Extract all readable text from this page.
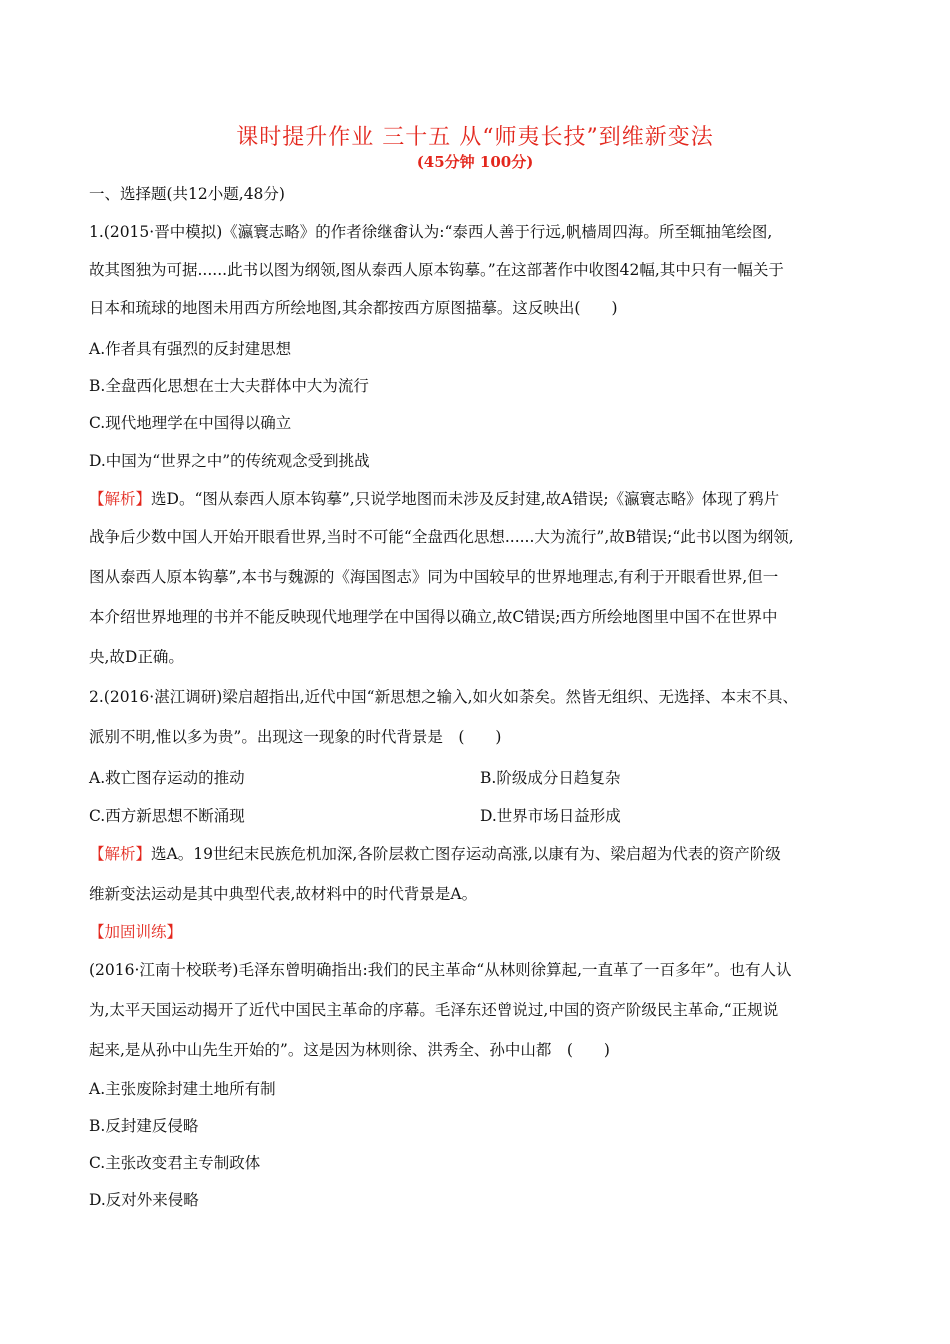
课时提升作业 三十五 从“师夷长技”到维新变法
(45分钟 100分)
一、选择题(共12小题,48分)
1.(2015·晋中模拟)《瀛寰志略》的作者徐继畬认为:“泰西人善于行远,帆樯周四海。所至辄抽笔绘图,
故其图独为可据......此书以图为纲领,图从泰西人原本钩摹。”在这部著作中收图42幅,其中只有一幅关于
日本和琉球的地图未用西方所绘地图,其余都按西方原图描摹。这反映出(　　)
A.作者具有强烈的反封建思想
B.全盘西化思想在士大夫群体中大为流行
C.现代地理学在中国得以确立
D.中国为“世界之中”的传统观念受到挑战
【解析】选D。“图从泰西人原本钩摹”,只说学地图而未涉及反封建,故A错误;《瀛寰志略》体现了鸦片
战争后少数中国人开始开眼看世界,当时不可能“全盘西化思想......大为流行”,故B错误;“此书以图为纲领,
图从泰西人原本钩摹”,本书与魏源的《海国图志》同为中国较早的世界地理志,有利于开眼看世界,但一
本介绍世界地理的书并不能反映现代地理学在中国得以确立,故C错误;西方所绘地图里中国不在世界中
央,故D正确。
2.(2016·湛江调研)梁启超指出,近代中国“新思想之输入,如火如荼矣。然皆无组织、无选择、本末不具、
派别不明,惟以多为贵”。出现这一现象的时代背景是　(　　)
A.救亡图存运动的推动	B.阶级成分日趋复杂
C.西方新思想不断涌现	D.世界市场日益形成
【解析】选A。19世纪末民族危机加深,各阶层救亡图存运动高涨,以康有为、梁启超为代表的资产阶级
维新变法运动是其中典型代表,故材料中的时代背景是A。
【加固训练】
(2016·江南十校联考)毛泽东曾明确指出:我们的民主革命“从林则徐算起,一直革了一百多年”。也有人认
为,太平天国运动揭开了近代中国民主革命的序幕。毛泽东还曾说过,中国的资产阶级民主革命,“正规说
起来,是从孙中山先生开始的”。这是因为林则徐、洪秀全、孙中山都　(　　)
A.主张废除封建土地所有制
B.反封建反侵略
C.主张改变君主专制政体
D.反对外来侵略
